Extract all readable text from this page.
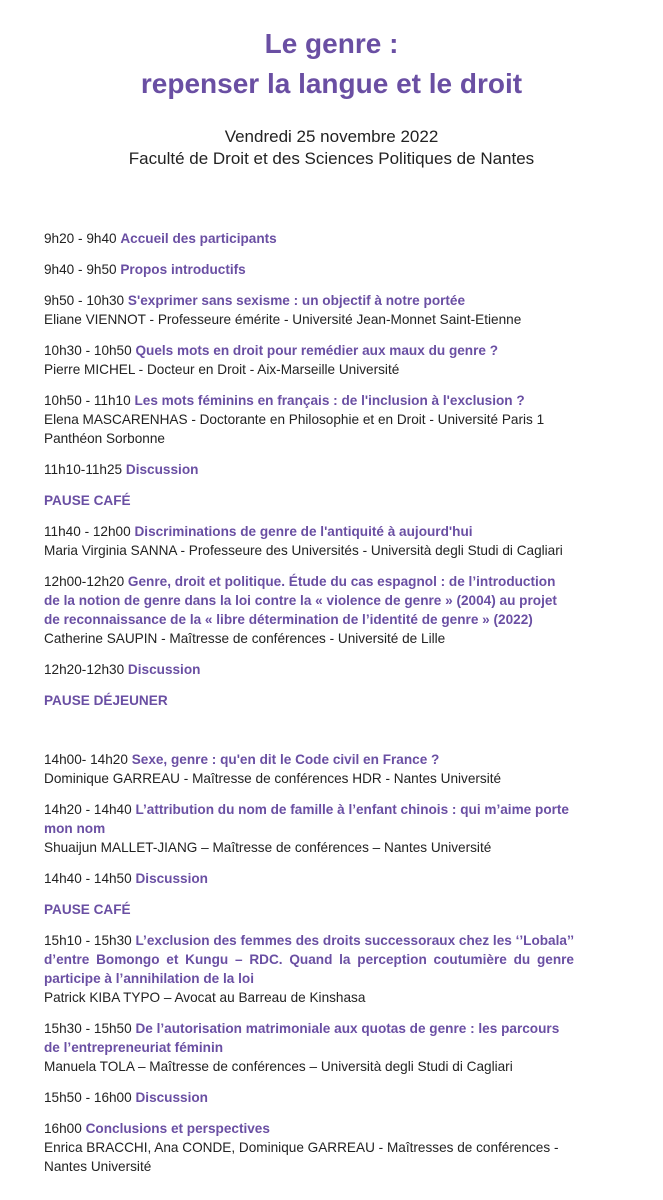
Le genre :
repenser la langue et le droit

Vendredi 25 novembre 2022

Faculté de Droit et des Sciences Politiques de Nantes

9h20 - 9h40 Accueil des participants
9h40 - 9h50 Propos introductifs
9h50 - 10h30 S'exprimer sans sexisme : un objectif à notre portée
Eliane VIENNOT - Professeure émérite - Université Jean-Monnet Saint-Etienne
10h30 - 10h50 Quels mots en droit pour remédier aux maux du genre ?
Pierre MICHEL - Docteur en Droit - Aix-Marseille Université
10h50 - 11h10 Les mots féminins en français : de l'inclusion à l'exclusion ?
Elena MASCARENHAS - Doctorante en Philosophie et en Droit - Université Paris 1 Panthéon Sorbonne
11h10-11h25 Discussion
PAUSE CAFÉ
11h40 - 12h00 Discriminations de genre de l'antiquité à aujourd'hui
Maria Virginia SANNA - Professeure des Universités - Università degli Studi di Cagliari
12h00-12h20 Genre, droit et politique. Étude du cas espagnol : de l’introduction de la notion de genre dans la loi contre la « violence de genre » (2004) au projet de reconnaissance de la « libre détermination de l’identité de genre » (2022)
Catherine SAUPIN - Maîtresse de conférences - Université de Lille
12h20-12h30 Discussion
PAUSE DÉJEUNER
14h00- 14h20 Sexe, genre : qu'en dit le Code civil en France ?
Dominique GARREAU - Maîtresse de conférences HDR - Nantes Université
14h20 - 14h40 L’attribution du nom de famille à l’enfant chinois : qui m’aime porte mon nom
Shuaijun MALLET-JIANG – Maîtresse de conférences – Nantes Université
14h40 - 14h50 Discussion
PAUSE CAFÉ
15h10 - 15h30 L’exclusion des femmes des droits successoraux chez les ‘’Lobala’’ d’entre Bomongo et Kungu – RDC. Quand la perception coutumière du genre participe à l’annihilation de la loi
Patrick KIBA TYPO – Avocat au Barreau de Kinshasa
15h30 - 15h50 De l’autorisation matrimoniale aux quotas de genre : les parcours de l’entrepreneuriat féminin
Manuela TOLA – Maîtresse de conférences – Università degli Studi di Cagliari
15h50 - 16h00 Discussion
16h00 Conclusions et perspectives
Enrica BRACCHI, Ana CONDE, Dominique GARREAU - Maîtresses de conférences - Nantes Université
